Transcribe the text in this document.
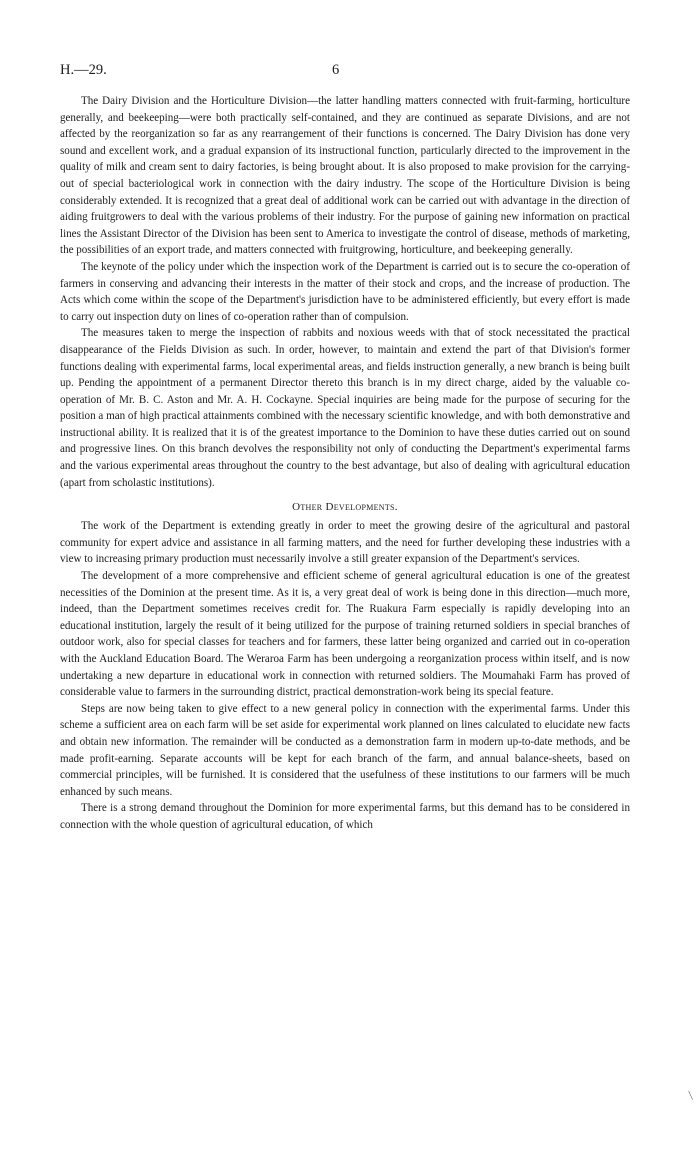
H.—29.	6

The Dairy Division and the Horticulture Division—the latter handling matters connected with fruit-farming, horticulture generally, and beekeeping—were both practically self-contained, and they are continued as separate Divisions, and are not affected by the reorganization so far as any rearrangement of their functions is concerned. The Dairy Division has done very sound and excellent work, and a gradual expansion of its instructional function, particularly directed to the improvement in the quality of milk and cream sent to dairy factories, is being brought about. It is also proposed to make provision for the carrying-out of special bacteriological work in connection with the dairy industry. The scope of the Horticulture Division is being considerably extended. It is recognized that a great deal of additional work can be carried out with advantage in the direction of aiding fruitgrowers to deal with the various problems of their industry. For the purpose of gaining new information on practical lines the Assistant Director of the Division has been sent to America to investigate the control of disease, methods of marketing, the possibilities of an export trade, and matters connected with fruitgrowing, horticulture, and beekeeping generally.

The keynote of the policy under which the inspection work of the Department is carried out is to secure the co-operation of farmers in conserving and advancing their interests in the matter of their stock and crops, and the increase of production. The Acts which come within the scope of the Department's jurisdiction have to be administered efficiently, but every effort is made to carry out inspection duty on lines of co-operation rather than of compulsion.

The measures taken to merge the inspection of rabbits and noxious weeds with that of stock necessitated the practical disappearance of the Fields Division as such. In order, however, to maintain and extend the part of that Division's former functions dealing with experimental farms, local experimental areas, and fields instruction generally, a new branch is being built up. Pending the appointment of a permanent Director thereto this branch is in my direct charge, aided by the valuable co-operation of Mr. B. C. Aston and Mr. A. H. Cockayne. Special inquiries are being made for the purpose of securing for the position a man of high practical attainments combined with the necessary scientific knowledge, and with both demonstrative and instructional ability. It is realized that it is of the greatest importance to the Dominion to have these duties carried out on sound and progressive lines. On this branch devolves the responsibility not only of conducting the Department's experimental farms and the various experimental areas throughout the country to the best advantage, but also of dealing with agricultural education (apart from scholastic institutions).

Other Developments.

The work of the Department is extending greatly in order to meet the growing desire of the agricultural and pastoral community for expert advice and assistance in all farming matters, and the need for further developing these industries with a view to increasing primary production must necessarily involve a still greater expansion of the Department's services.

The development of a more comprehensive and efficient scheme of general agricultural education is one of the greatest necessities of the Dominion at the present time. As it is, a very great deal of work is being done in this direction—much more, indeed, than the Department sometimes receives credit for. The Ruakura Farm especially is rapidly developing into an educational institution, largely the result of it being utilized for the purpose of training returned soldiers in special branches of outdoor work, also for special classes for teachers and for farmers, these latter being organized and carried out in co-operation with the Auckland Education Board. The Weraroa Farm has been undergoing a reorganization process within itself, and is now undertaking a new departure in educational work in connection with returned soldiers. The Moumahaki Farm has proved of considerable value to farmers in the surrounding district, practical demonstration-work being its special feature.

Steps are now being taken to give effect to a new general policy in connection with the experimental farms. Under this scheme a sufficient area on each farm will be set aside for experimental work planned on lines calculated to elucidate new facts and obtain new information. The remainder will be conducted as a demonstration farm in modern up-to-date methods, and be made profit-earning. Separate accounts will be kept for each branch of the farm, and annual balance-sheets, based on commercial principles, will be furnished. It is considered that the usefulness of these institutions to our farmers will be much enhanced by such means.

There is a strong demand throughout the Dominion for more experimental farms, but this demand has to be considered in connection with the whole question of agricultural education, of which

⁄
